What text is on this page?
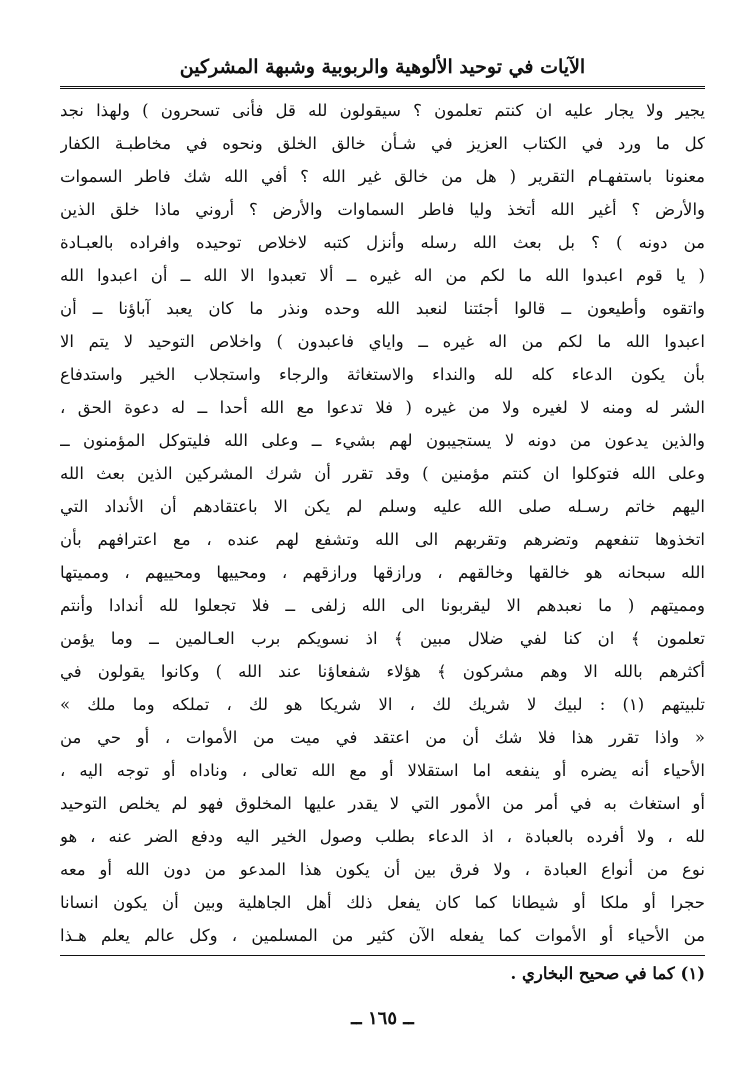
الآيات في توحيد الألوهية والربوبية وشبهة المشركين
يجير ولا يجار عليه ان كنتم تعلمون ؟ سيقولون لله قل فأنى تسحرون ) ولهذا نجد
كل ما ورد في الكتاب العزيز في شـأن خالق الخلق ونحوه في مخاطبـة الكفار
معنونا باستفهـام التقرير ( هل من خالق غير الله ؟ أفي الله شك فاطر السموات
والأرض ؟ أغير الله أتخذ وليا فاطر السماوات والأرض ؟ أروني ماذا خلق الذين
من دونه ) ؟ بل بعث الله رسله وأنزل كتبه لاخلاص توحيده وافراده بالعبـادة
( يا قوم اعبدوا الله ما لكم من اله غيره ــ ألا تعبدوا الا الله ــ أن اعبدوا الله
واتقوه وأطيعون ــ قالوا أجئتنا لنعبد الله وحده ونذر ما كان يعبد آباؤنا ــ أن
اعبدوا الله ما لكم من اله غيره ــ واياي فاعبدون ) واخلاص التوحيد لا يتم الا
بأن يكون الدعاء كله لله والنداء والاستغاثة والرجاء واستجلاب الخير واستدفاع
الشر له ومنه لا لغيره ولا من غيره ( فلا تدعوا مع الله أحدا ــ له دعوة الحق ،
والذين يدعون من دونه لا يستجيبون لهم بشيء ــ وعلى الله فليتوكل المؤمنون ــ
وعلى الله فتوكلوا ان كنتم مؤمنين ) وقد تقرر أن شرك المشركين الذين بعث الله
اليهم خاتم رسـله صلى الله عليه وسلم لم يكن الا باعتقادهم أن الأنداد التي
اتخذوها تنفعهم وتضرهم وتقربهم الى الله وتشفع لهم عنده ، مع اعترافهم بأن
الله سبحانه هو خالقها وخالقهم ، ورازقها ورازقهم ، ومحييها ومحييهم ، ومميتها
ومميتهم ( ما نعبدهم الا ليقربونا الى الله زلفى ــ فلا تجعلوا لله أندادا وأنتم
تعلمون ﴾ ان كنا لفي ضلال مبين ﴾ اذ نسويكم برب العـالمين ــ وما يؤمن
أكثرهم بالله الا وهم مشركون ﴾ هؤلاء شفعاؤنا عند الله ) وكانوا يقولون في
تلبيتهم (١) : لبيك لا شريك لك ، الا شريكا هو لك ، تملكه وما ملك »
« واذا تقرر هذا فلا شك أن من اعتقد في ميت من الأموات ، أو حي من
الأحياء أنه يضره أو ينفعه اما استقلالا أو مع الله تعالى ، وناداه أو توجه اليه ،
أو استغاث به في أمر من الأمور التي لا يقدر عليها المخلوق فهو لم يخلص التوحيد
لله ، ولا أفرده بالعبادة ، اذ الدعاء بطلب وصول الخير اليه ودفع الضر عنه ، هو
نوع من أنواع العبادة ، ولا فرق بين أن يكون هذا المدعو من دون الله أو معه
حجرا أو ملكا أو شيطانا كما كان يفعل ذلك أهل الجاهلية وبين أن يكون انسانا
من الأحياء أو الأموات كما يفعله الآن كثير من المسلمين ، وكل عالم يعلم هـذا
(١) كما في صحيح البخاري .
ــ ١٦٥ ــ
